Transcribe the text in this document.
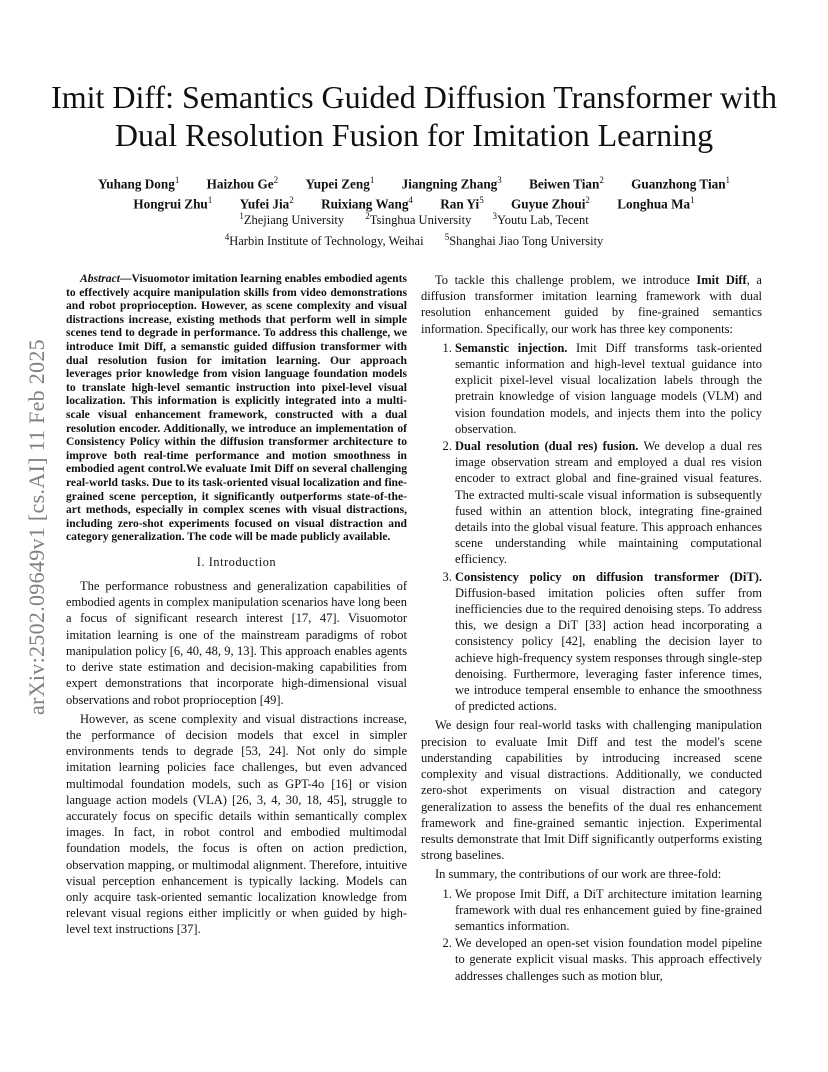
arXiv:2502.09649v1 [cs.AI] 11 Feb 2025
Imit Diff: Semantics Guided Diffusion Transformer with Dual Resolution Fusion for Imitation Learning
Yuhang Dong$^1$ Haizhou Ge$^2$ Yupei Zeng$^1$ Jiangning Zhang$^3$ Beiwen Tian$^2$ Guanzhong Tian$^1$
Hongrui Zhu$^1$ Yufei Jia$^2$ Ruixiang Wang$^4$ Ran Yi$^5$ Guyue Zhoui$^2$ Longhua Ma$^1$
$^1$Zhejiang University $^2$Tsinghua University $^3$Youtu Lab, Tecent
$^4$Harbin Institute of Technology, Weihai $^5$Shanghai Jiao Tong University

Abstract—Visuomotor imitation learning enables embodied agents to effectively acquire manipulation skills from video demonstrations and robot proprioception. However, as scene complexity and visual distractions increase, existing methods that perform well in simple scenes tend to degrade in performance. To address this challenge, we introduce Imit Diff, a semanstic guided diffusion transformer with dual resolution fusion for imitation learning. Our approach leverages prior knowledge from vision language foundation models to translate high-level semantic instruction into pixel-level visual localization. This information is explicitly integrated into a multi-scale visual enhancement framework, constructed with a dual resolution encoder. Additionally, we introduce an implementation of Consistency Policy within the diffusion transformer architecture to improve both real-time performance and motion smoothness in embodied agent control.We evaluate Imit Diff on several challenging real-world tasks. Due to its task-oriented visual localization and fine-grained scene perception, it significantly outperforms state-of-the-art methods, especially in complex scenes with visual distractions, including zero-shot experiments focused on visual distraction and category generalization. The code will be made publicly available.

I. Introduction

The performance robustness and generalization capabilities of embodied agents in complex manipulation scenarios have long been a focus of significant research interest [17, 47]. Visuomotor imitation learning is one of the mainstream paradigms of robot manipulation policy [6, 40, 48, 9, 13]. This approach enables agents to derive state estimation and decision-making capabilities from expert demonstrations that incorporate high-dimensional visual observations and robot proprioception [49].

However, as scene complexity and visual distractions increase, the performance of decision models that excel in simpler environments tends to degrade [53, 24]. Not only do simple imitation learning policies face challenges, but even advanced multimodal foundation models, such as GPT-4o [16] or vision language action models (VLA) [26, 3, 4, 30, 18, 45], struggle to accurately focus on specific details within semantically complex images. In fact, in robot control and embodied multimodal foundation models, the focus is often on action prediction, observation mapping, or multimodal alignment. Therefore, intuitive visual perception enhancement is typically lacking. Models can only acquire task-oriented semantic localization knowledge from relevant visual regions either implicitly or when guided by high-level text instructions [37].

To tackle this challenge problem, we introduce Imit Diff, a diffusion transformer imitation learning framework with dual resolution enhancement guided by fine-grained semantics information. Specifically, our work has three key components:

1. Semanstic injection. Imit Diff transforms task-oriented semantic information and high-level textual guidance into explicit pixel-level visual localization labels through the pretrain knowledge of vision language models (VLM) and vision foundation models, and injects them into the policy observation.
2. Dual resolution (dual res) fusion. We develop a dual res image observation stream and employed a dual res vision encoder to extract global and fine-grained visual features. The extracted multi-scale visual information is subsequently fused within an attention block, integrating fine-grained details into the global visual feature. This approach enhances scene understanding while maintaining computational efficiency.
3. Consistency policy on diffusion transformer (DiT). Diffusion-based imitation policies often suffer from inefficiencies due to the required denoising steps. To address this, we design a DiT [33] action head incorporating a consistency policy [42], enabling the decision layer to achieve high-frequency system responses through single-step denoising. Furthermore, leveraging faster inference times, we introduce temperal ensemble to enhance the smoothness of predicted actions.

We design four real-world tasks with challenging manipulation precision to evaluate Imit Diff and test the model's scene understanding capabilities by introducing increased scene complexity and visual distractions. Additionally, we conducted zero-shot experiments on visual distraction and category generalization to assess the benefits of the dual res enhancement framework and fine-grained semantic injection. Experimental results demonstrate that Imit Diff significantly outperforms existing strong baselines.

In summary, the contributions of our work are three-fold:

1. We propose Imit Diff, a DiT architecture imitation learning framework with dual res enhancement guied by fine-grained semantics information.
2. We developed an open-set vision foundation model pipeline to generate explicit visual masks. This approach effectively addresses challenges such as motion blur,
